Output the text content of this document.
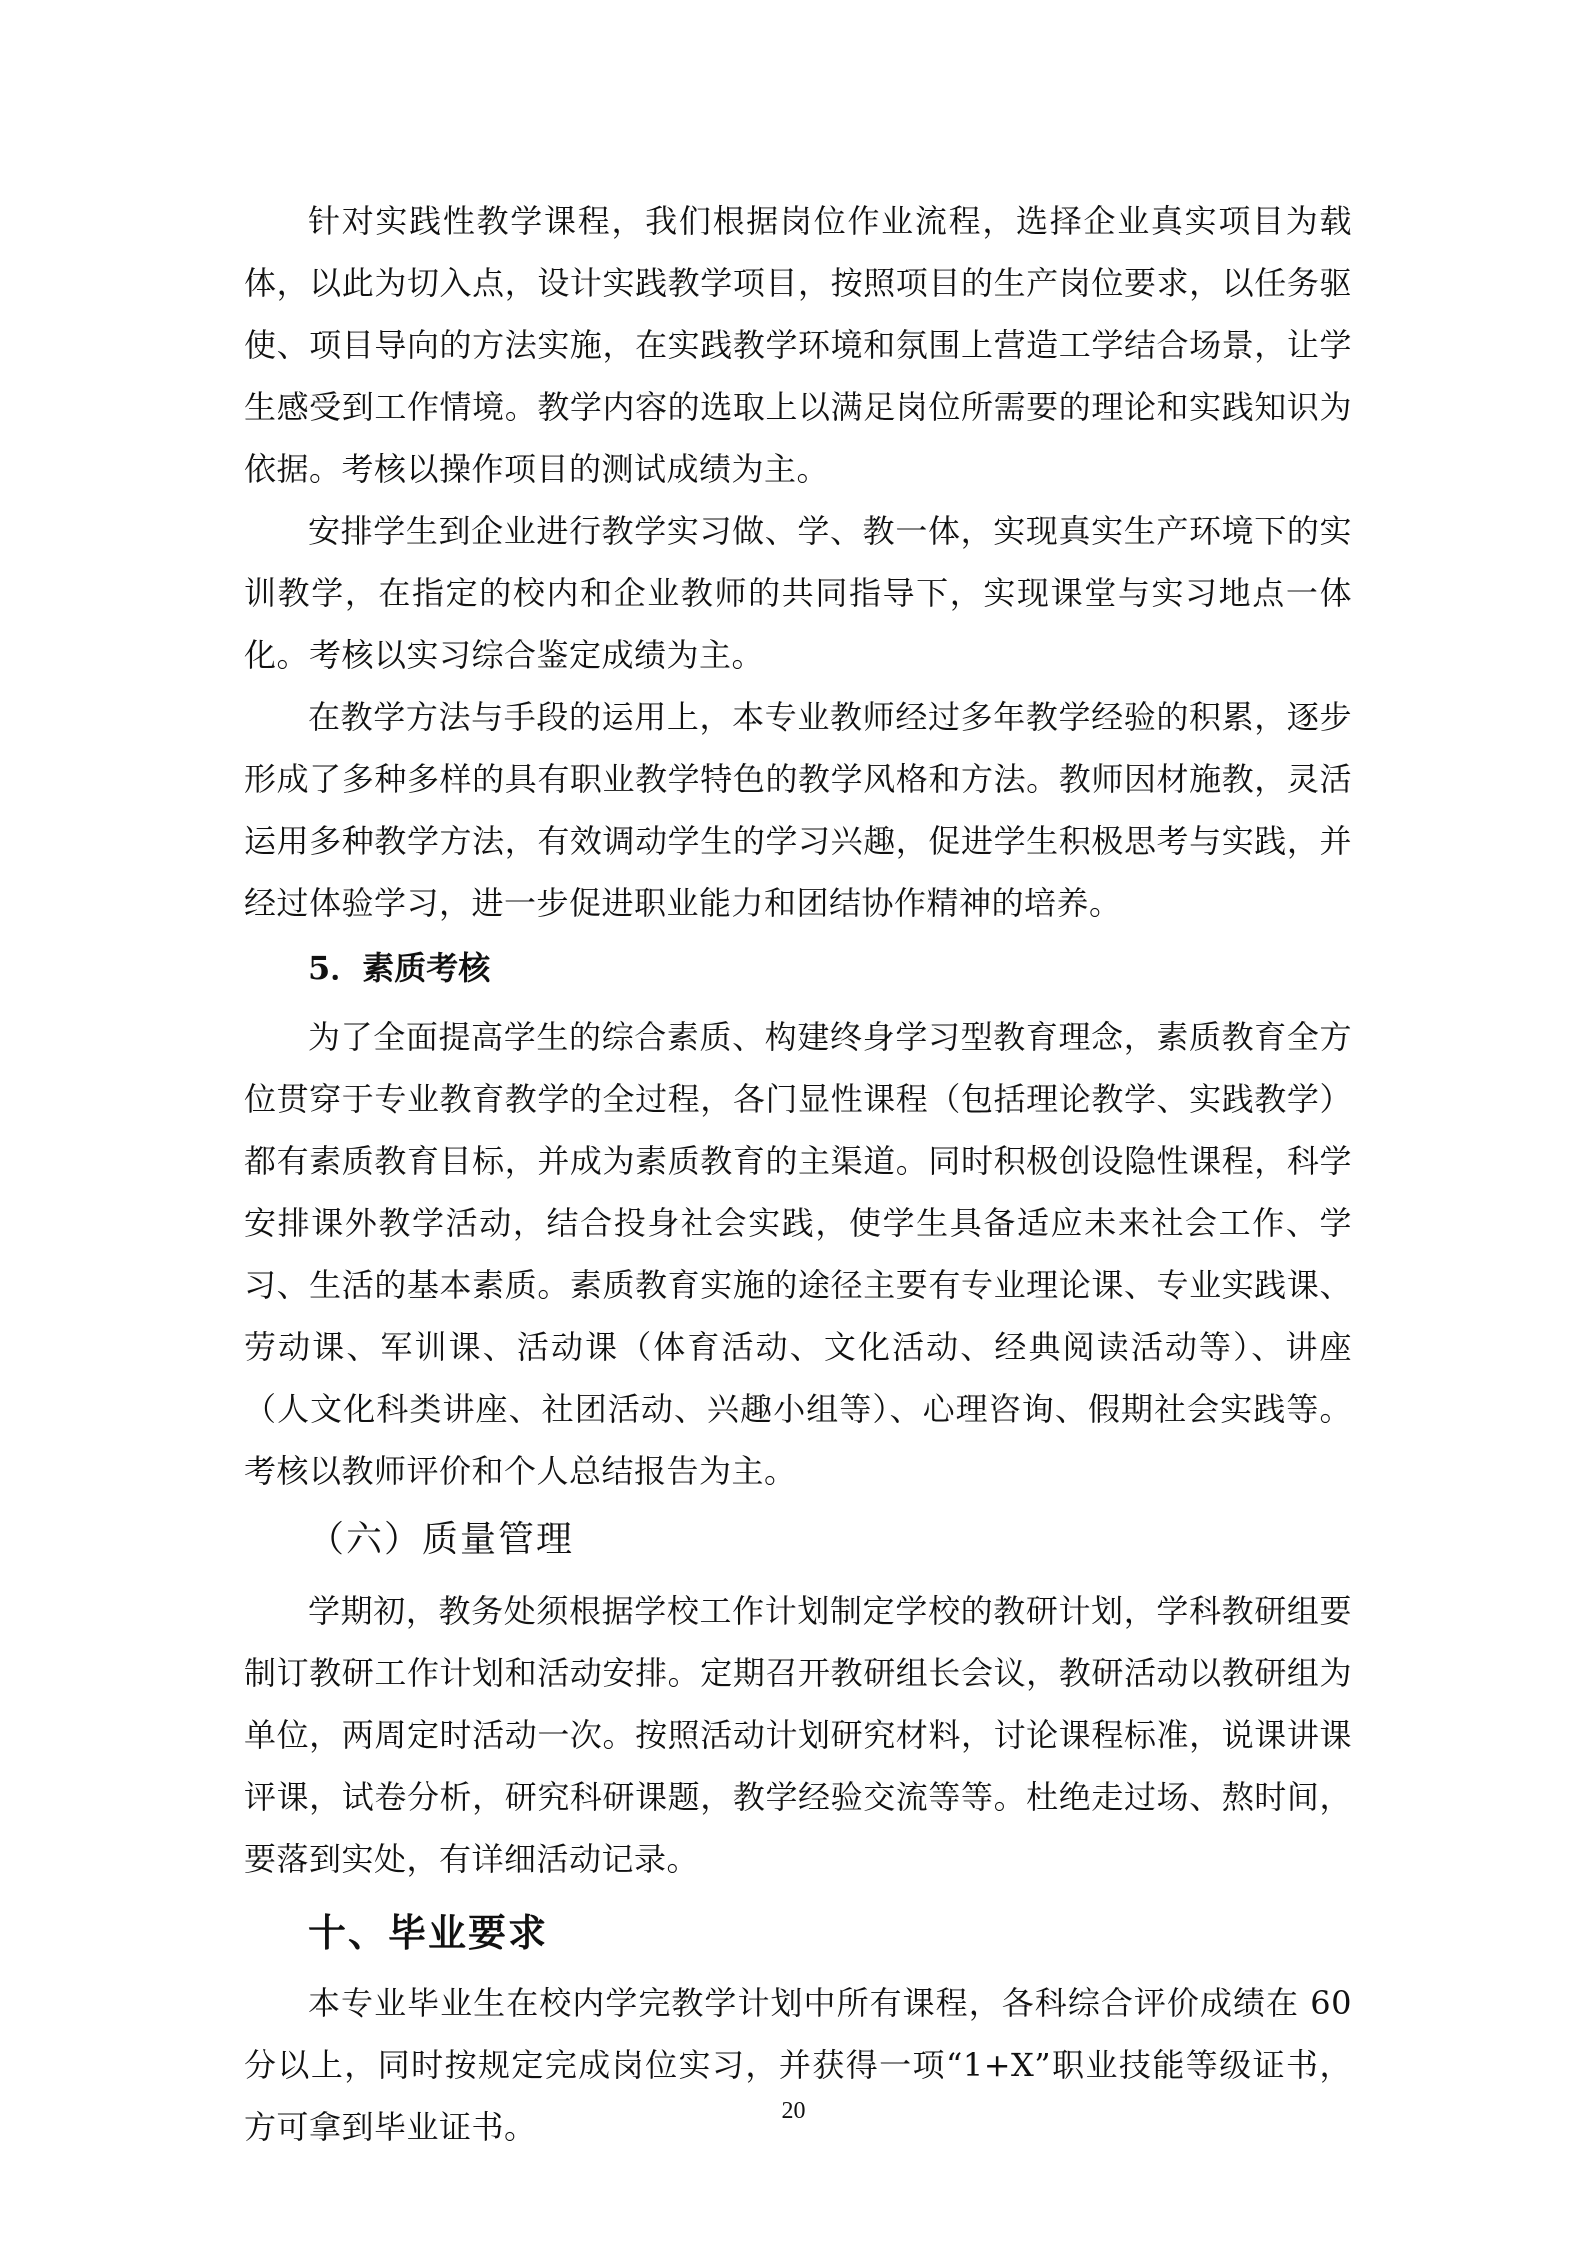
针对实践性教学课程，我们根据岗位作业流程，选择企业真实项目为载体，以此为切入点，设计实践教学项目，按照项目的生产岗位要求，以任务驱使、项目导向的方法实施，在实践教学环境和氛围上营造工学结合场景，让学生感受到工作情境。教学内容的选取上以满足岗位所需要的理论和实践知识为依据。考核以操作项目的测试成绩为主。

安排学生到企业进行教学实习做、学、教一体，实现真实生产环境下的实训教学，在指定的校内和企业教师的共同指导下，实现课堂与实习地点一体化。考核以实习综合鉴定成绩为主。

在教学方法与手段的运用上，本专业教师经过多年教学经验的积累，逐步形成了多种多样的具有职业教学特色的教学风格和方法。教师因材施教，灵活运用多种教学方法，有效调动学生的学习兴趣，促进学生积极思考与实践，并经过体验学习，进一步促进职业能力和团结协作精神的培养。

5．素质考核

为了全面提高学生的综合素质、构建终身学习型教育理念，素质教育全方位贯穿于专业教育教学的全过程，各门显性课程（包括理论教学、实践教学）都有素质教育目标，并成为素质教育的主渠道。同时积极创设隐性课程，科学安排课外教学活动，结合投身社会实践，使学生具备适应未来社会工作、学习、生活的基本素质。素质教育实施的途径主要有专业理论课、专业实践课、劳动课、军训课、活动课（体育活动、文化活动、经典阅读活动等）、讲座（人文化科类讲座、社团活动、兴趣小组等）、心理咨询、假期社会实践等。考核以教师评价和个人总结报告为主。

（六）质量管理

学期初，教务处须根据学校工作计划制定学校的教研计划，学科教研组要制订教研工作计划和活动安排。定期召开教研组长会议，教研活动以教研组为单位，两周定时活动一次。按照活动计划研究材料，讨论课程标准，说课讲课评课，试卷分析，研究科研课题，教学经验交流等等。杜绝走过场、熬时间，要落到实处，有详细活动记录。

十、毕业要求

本专业毕业生在校内学完教学计划中所有课程，各科综合评价成绩在 60 分以上，同时按规定完成岗位实习，并获得一项“1+X”职业技能等级证书，方可拿到毕业证书。	20
